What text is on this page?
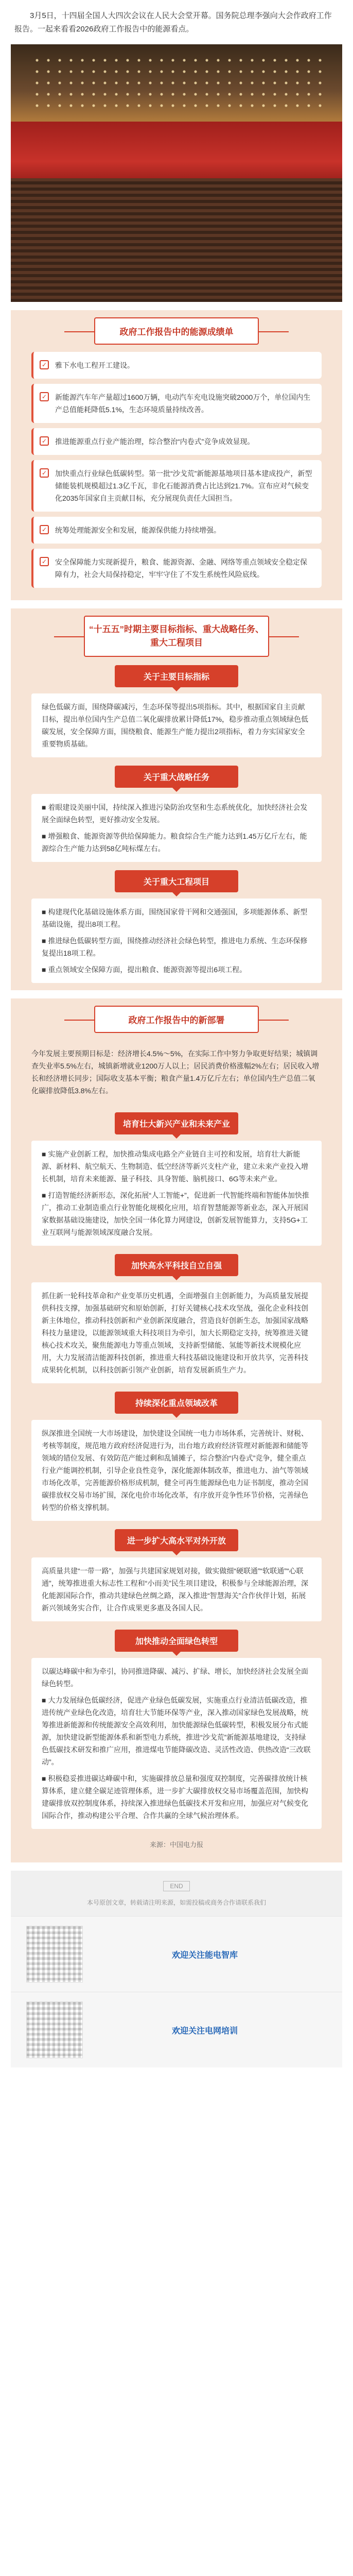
3月5日，十四届全国人大四次会议在人民大会堂开幕。国务院总理李强向大会作政府工作报告。一起来看看2026政府工作报告中的能源看点。

政府工作报告中的能源成绩单
✓ 雅下水电工程开工建设。
✓ 新能源汽车年产量超过1600万辆，电动汽车充电设施突破2000万个，单位国内生产总值能耗降低5.1%，生态环境质量持续改善。
✓ 推进能源重点行业产能治理，综合整治“内卷式”竞争成效显现。
✓ 加快重点行业绿色低碳转型。第一批“沙戈荒”新能源基地项目基本建成投产，新型储能装机规模超过1.3亿千瓦，非化石能源消费占比达到21.7%。宣布应对气候变化2035年国家自主贡献目标，充分展现负责任大国担当。
✓ 统筹处理能源安全和发展，能源保供能力持续增强。
✓ 安全保障能力实现新提升，粮食、能源资源、金融、网络等重点领域安全稳定保障有力，社会大局保持稳定，牢牢守住了不发生系统性风险底线。
“十五五”时期主要目标指标、重大战略任务、重大工程项目
关于主要目标指标

绿色低碳方面，围绕降碳减污，生态环保等提出5项指标。其中，根据国家自主贡献目标，提出单位国内生产总值二氧化碳排放累计降低17%，稳步推动重点领域绿色低碳发展，安全保障方面，围绕粮食、能源生产能力提出2项指标，着力夯实国家安全重要物质基础。

关于重大战略任务

■ 着眼建设美丽中国，持续深入推进污染防治攻坚和生态系统优化，加快经济社会发展全面绿色转型，更好推动安全发展。

■ 增强粮食、能源资源等供给保障能力。粮食综合生产能力达到1.45万亿斤左右，能源综合生产能力达到58亿吨标煤左右。

关于重大工程项目

■ 构建现代化基础设施体系方面，围绕国家骨干网和交通强国，多项能源体系、新型基础设施，提出8项工程。

■ 推进绿色低碳转型方面，围绕推动经济社会绿色转型，推进电力系统、生态环保修复提出18项工程。

■ 重点领域安全保障方面，提出粮食、能源资源等提出6项工程。

政府工作报告中的新部署

今年发展主要预期目标是：经济增长4.5%～5%，在实际工作中努力争取更好结果；城镇调查失业率5.5%左右，城镇新增就业1200万人以上；居民消费价格涨幅2%左右；居民收入增长和经济增长同步；国际收支基本平衡；粮食产量1.4万亿斤左右；单位国内生产总值二氧化碳排放降低3.8%左右。

培育壮大新兴产业和未来产业

■ 实施产业创新工程，加快推动集成电路全产业链自主可控和发展，培育壮大新能源、新材料、航空航天、生物制造、低空经济等新兴支柱产业，建立未来产业投入增长机制，培育未来能源、量子科技、具身智能、脑机接口、6G等未来产业。

■ 打造智能经济新形态，深化拓展“人工智能+”，促进新一代智能终端和智能体加快推广，推动工业制造重点行业智能化规模化应用，培育智慧能源等新业态，深入开展国家数据基础设施建设，加快全国一体化算力网建设，创新发展智能算力，支持5G+工业互联网与能源领域深度融合发展。

加快高水平科技自立自强

抓住新一轮科技革命和产业变革历史机遇，全面增强自主创新能力，为高质量发展提供科技支撑，加强基础研究和原始创新，打好关键核心技术攻坚战，强化企业科技创新主体地位，推动科技创新和产业创新深度融合，营造良好创新生态，加强国家战略科技力量建设，以能源领域重大科技项目为牵引，加大长期稳定支持，统筹推进关键核心技术攻关，聚焦能源电力等重点领域，支持新型储能、氢能等新技术规模化应用，大力发展清洁能源科技创新，推进重大科技基础设施建设和开放共享，完善科技成果转化机制，以科技创新引领产业创新，培育发展新质生产力。

持续深化重点领域改革

纵深推进全国统一大市场建设，加快建设全国统一电力市场体系，完善统计、财税、考核等制度，规范地方政府经济促进行为，出台地方政府经济管理对新能源和储能等领域的错位发展、有效防范产能过剩和乱铺摊子，综合整治“内卷式”竞争，健全重点行业产能调控机制，引导企业良性竞争，深化能源体制改革，推进电力、油气等领域市场化改革，完善能源价格形成机制，健全可再生能源绿色电力证书制度，推动全国碳排放权交易市场扩围，深化电价市场化改革，有序放开竞争性环节价格，完善绿色转型的价格支撑机制。

进一步扩大高水平对外开放

高质量共建“一带一路”，加强与共建国家规划对接，做实做细“硬联通”“软联通”“心联通”，统筹推进重大标志性工程和“小而美”民生项目建设，积极参与全球能源治理，深化能源国际合作，推动共建绿色丝绸之路，深入推进“智慧海关”合作伙伴计划，拓展新兴领域务实合作，让合作成果更多惠及各国人民。

加快推动全面绿色转型

以碳达峰碳中和为牵引，协同推进降碳、减污、扩绿、增长，加快经济社会发展全面绿色转型。

■ 大力发展绿色低碳经济，促进产业绿色低碳发展，实施重点行业清洁低碳改造，推进传统产业绿色化改造，培育壮大节能环保等产业，深入推动国家绿色发展战略，统筹推进新能源和传统能源安全高效利用，加快能源绿色低碳转型，积极发展分布式能源，加快建设新型能源体系和新型电力系统，推进“沙戈荒”新能源基地建设，支持绿色低碳技术研发和推广应用，推进煤电节能降碳改造、灵活性改造、供热改造“三改联动”。

■ 积极稳妥推进碳达峰碳中和，实施碳排放总量和强度双控制度，完善碳排放统计核算体系，建立健全碳足迹管理体系，进一步扩大碳排放权交易市场覆盖范围，加快构建碳排放双控制度体系，持续深入推进绿色低碳技术开发和应用，加强应对气候变化国际合作，推动构建公平合理、合作共赢的全球气候治理体系。

来源：中国电力报

END

本号原创文章，转载请注明来源，如需投稿或商务合作请联系我们

欢迎关注能电智库
欢迎关注电网培训
